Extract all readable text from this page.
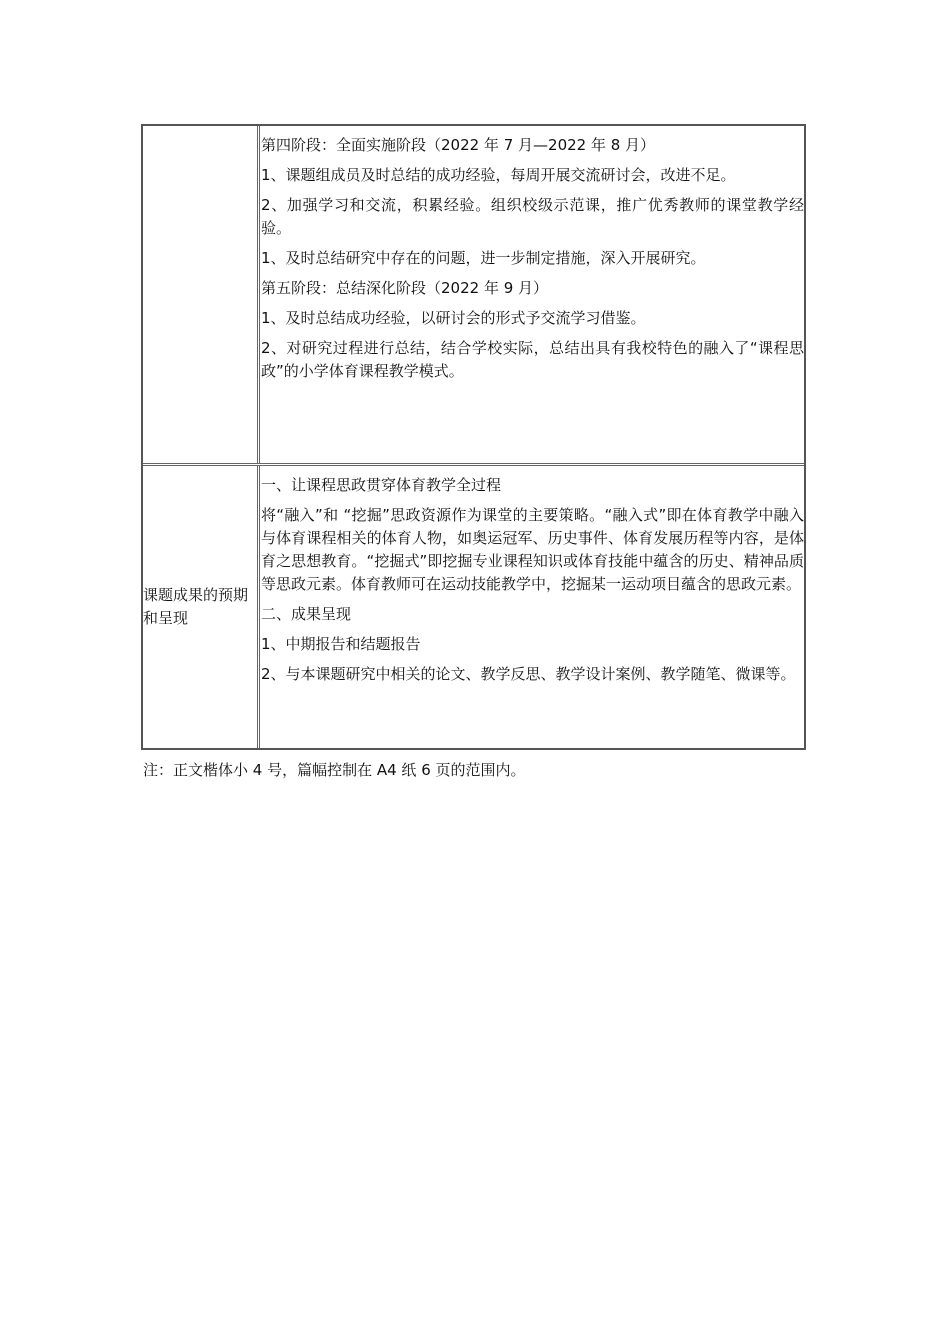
第四阶段：全面实施阶段（2022 年 7 月—2022 年 8 月）

1、课题组成员及时总结的成功经验，每周开展交流研讨会，改进不足。

2、加强学习和交流，积累经验。组织校级示范课，推广优秀教师的课堂教学经验。

1、及时总结研究中存在的问题，进一步制定措施，深入开展研究。

第五阶段：总结深化阶段（2022 年 9 月）

1、及时总结成功经验，以研讨会的形式予交流学习借鉴。

2、对研究过程进行总结，结合学校实际，总结出具有我校特色的融入了“课程思政”的小学体育课程教学模式。

课题成果的预期和呈现

一、让课程思政贯穿体育教学全过程

将“融入”和 “挖掘”思政资源作为课堂的主要策略。“融入式”即在体育教学中融入与体育课程相关的体育人物，如奥运冠军、历史事件、体育发展历程等内容，是体育之思想教育。“挖掘式”即挖掘专业课程知识或体育技能中蕴含的历史、精神品质等思政元素。体育教师可在运动技能教学中，挖掘某一运动项目蕴含的思政元素。

二、成果呈现

1、中期报告和结题报告

2、与本课题研究中相关的论文、教学反思、教学设计案例、教学随笔、微课等。

注：正文楷体小 4 号，篇幅控制在 A4 纸 6 页的范围内。
